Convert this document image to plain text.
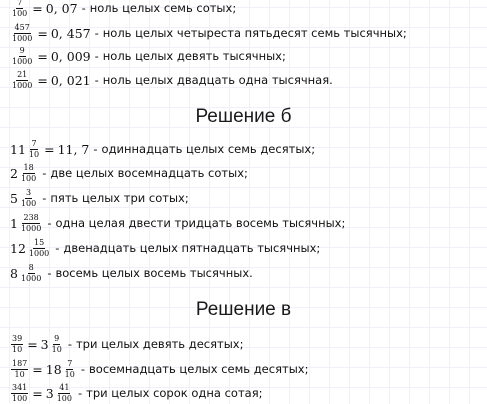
$\frac{7}{100} = 0$, 07 - ноль целых семь сотых;
$\frac{457}{1000} = 0$, 457 - ноль целых четыреста пятьдесят семь тысячных;
$\frac{9}{1000} = 0$, 009 - ноль целых девять тысячных;
$\frac{21}{1000} = 0$, 021 - ноль целых двадцать одна тысячная.
Решение б
$11 \frac{7}{10} = 11$, 7 - одиннадцать целых семь десятых;
$2 \frac{18}{100}$ - две целых восемнадцать сотых;
$5 \frac{3}{100}$ - пять целых три сотых;
$1 \frac{238}{1000}$ - одна целая двести тридцать восемь тысячных;
$12 \frac{15}{1000}$ - двенадцать целых пятнадцать тысячных;
$8 \frac{8}{1000}$ - восемь целых восемь тысячных.
Решение в
$\frac{39}{10} = 3 \frac{9}{10}$ - три целых девять десятых;
$\frac{187}{10} = 18 \frac{7}{10}$ - восемнадцать целых семь десятых;
$\frac{341}{100} = 3 \frac{41}{100}$ - три целых сорок одна сотая;
